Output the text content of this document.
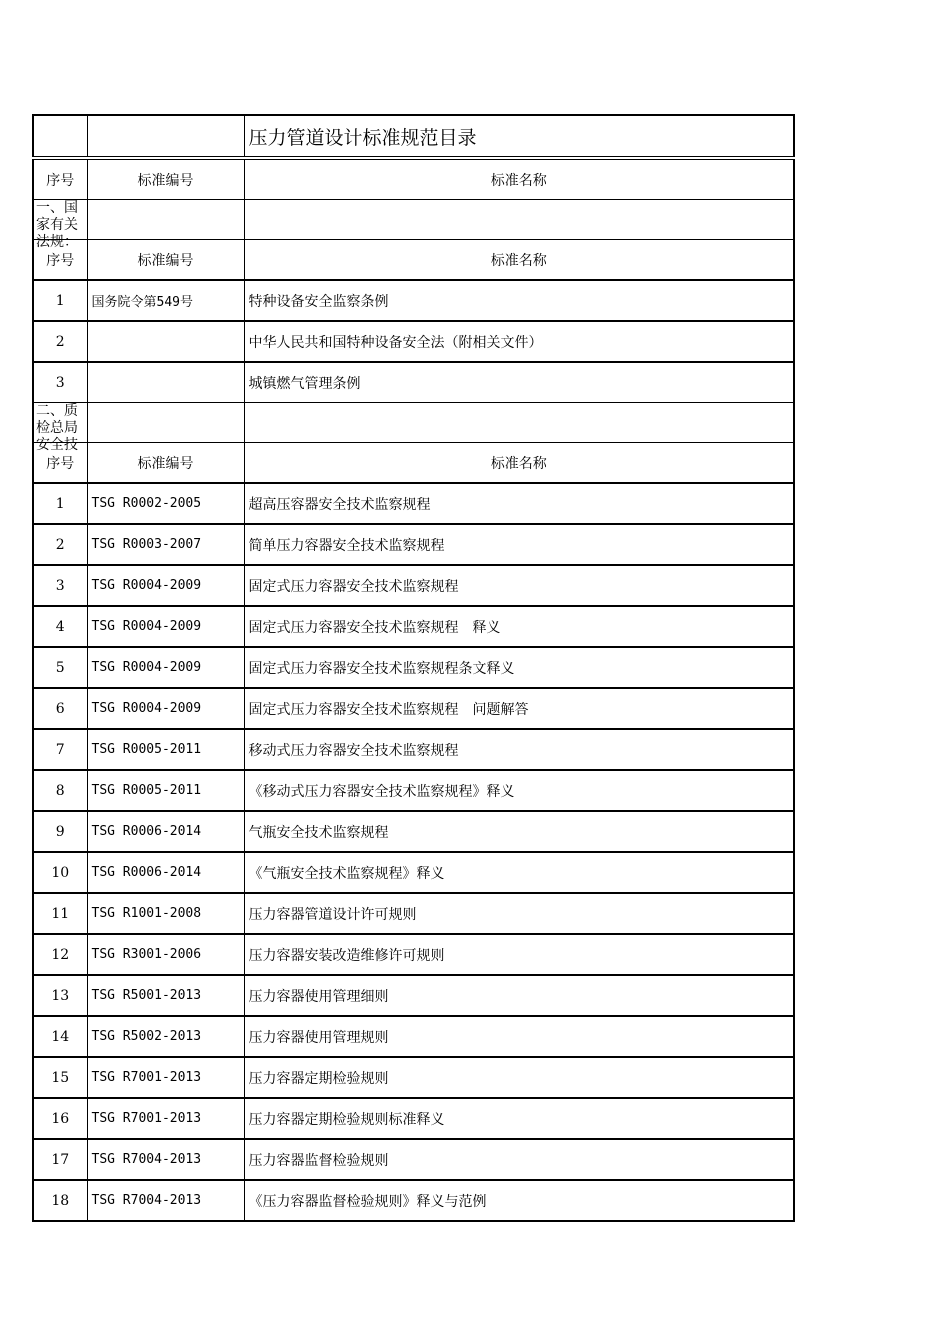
		压力管道设计标准规范目录
序号	标准编号	标准名称

一、国家有关法规：		

序号	标准编号	标准名称
1	国务院令第549号	特种设备安全监察条例
2		中华人民共和国特种设备安全法（附相关文件）
3		城镇燃气管理条例

二、质检总局安全技		

序号	标准编号	标准名称
1	TSG R0002-2005	超高压容器安全技术监察规程
2	TSG R0003-2007	简单压力容器安全技术监察规程
3	TSG R0004-2009	固定式压力容器安全技术监察规程
4	TSG R0004-2009	固定式压力容器安全技术监察规程　释义
5	TSG R0004-2009	固定式压力容器安全技术监察规程条文释义
6	TSG R0004-2009	固定式压力容器安全技术监察规程　问题解答
7	TSG R0005-2011	移动式压力容器安全技术监察规程
8	TSG R0005-2011	《移动式压力容器安全技术监察规程》释义
9	TSG R0006-2014	气瓶安全技术监察规程
10	TSG R0006-2014	《气瓶安全技术监察规程》释义
11	TSG R1001-2008	压力容器管道设计许可规则
12	TSG R3001-2006	压力容器安装改造维修许可规则
13	TSG R5001-2013	压力容器使用管理细则
14	TSG R5002-2013	压力容器使用管理规则
15	TSG R7001-2013	压力容器定期检验规则
16	TSG R7001-2013	压力容器定期检验规则标准释义
17	TSG R7004-2013	压力容器监督检验规则
18	TSG R7004-2013	《压力容器监督检验规则》释义与范例
